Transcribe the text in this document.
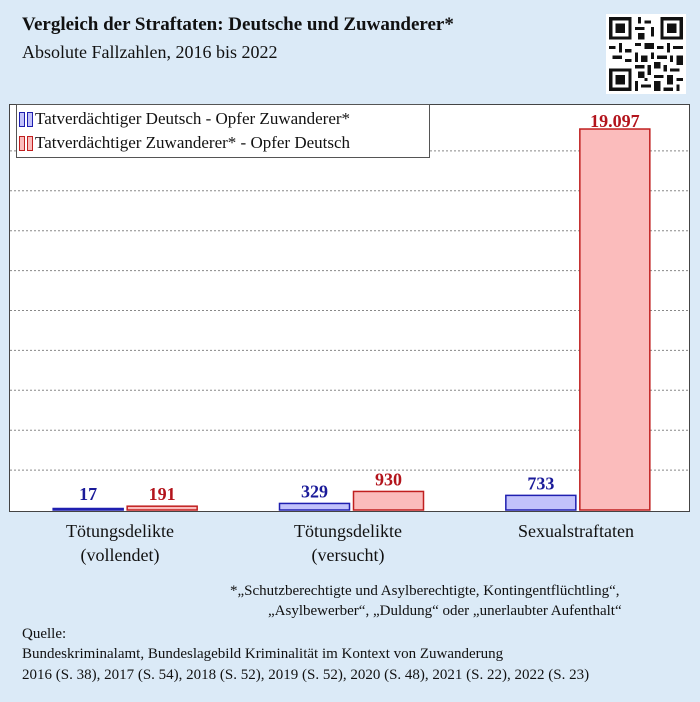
Vergleich der Straftaten: Deutsche und Zuwanderer*
Absolute Fallzahlen, 2016 bis 2022
17	329	733
191
930
19.097
Tatverdächtiger Deutsch - Opfer Zuwanderer*
Tatverdächtiger Zuwanderer* - Opfer Deutsch
Tötungsdelikte
(vollendet)
Tötungsdelikte
(versucht)
Sexualstraftaten
*„Schutzberechtigte und Asylberechtigte, Kontingentflüchtling“,
„Asylbewerber“, „Duldung“ oder „unerlaubter Aufenthalt“
Quelle:
Bundeskriminalamt, Bundeslagebild Kriminalität im Kontext von Zuwanderung
2016 (S. 38), 2017 (S. 54), 2018 (S. 52), 2019 (S. 52), 2020 (S. 48), 2021 (S. 22), 2022 (S. 23)
